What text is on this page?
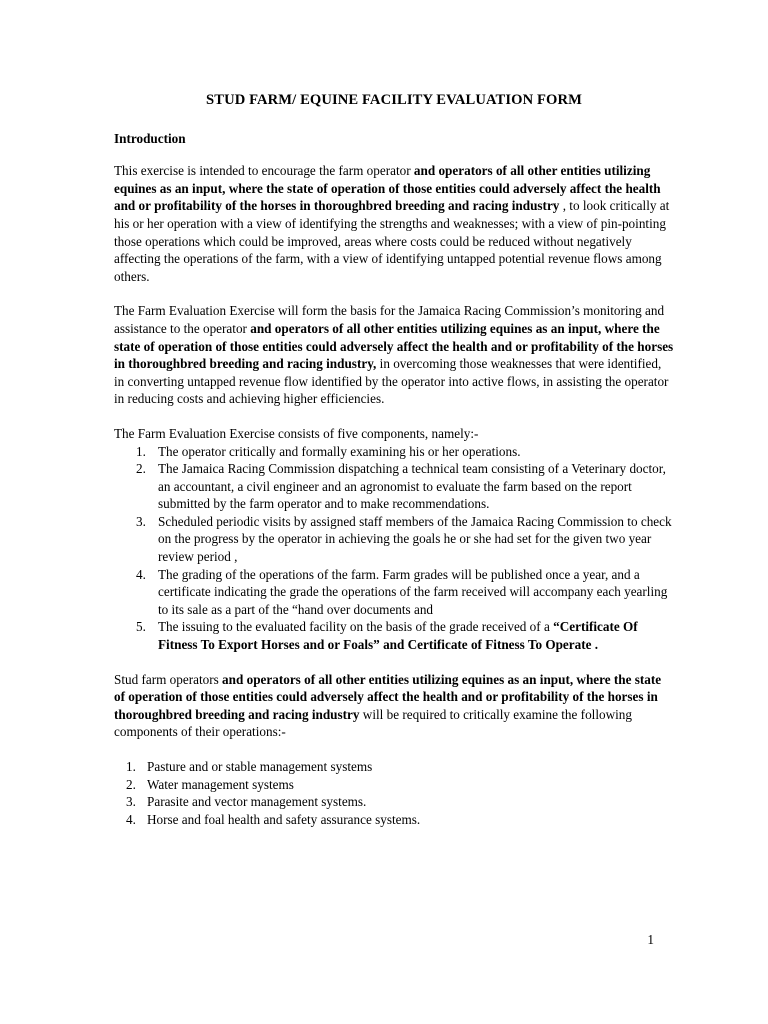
STUD FARM/ EQUINE FACILITY EVALUATION FORM
Introduction

This exercise is intended to encourage the farm operator and operators of all other entities utilizing equines as an input, where the state of operation of those entities could adversely affect the health and or profitability of the horses in thoroughbred breeding and racing industry , to look critically at his or her operation with a view of identifying the strengths and weaknesses; with a view of pin-pointing those operations which could be improved, areas where costs could be reduced without negatively affecting the operations of the farm, with a view of identifying untapped potential revenue flows among others.

The Farm Evaluation Exercise will form the basis for the Jamaica Racing Commission’s monitoring and assistance to the operator and operators of all other entities utilizing equines as an input, where the state of operation of those entities could adversely affect the health and or profitability of the horses in thoroughbred breeding and racing industry, in overcoming those weaknesses that were identified, in converting untapped revenue flow identified by the operator into active flows, in assisting the operator in reducing costs and achieving higher efficiencies.

The Farm Evaluation Exercise consists of five components, namely:-

1. The operator critically and formally examining his or her operations.
2. The Jamaica Racing Commission dispatching a technical team consisting of a Veterinary doctor, an accountant, a civil engineer and an agronomist to evaluate the farm based on the report submitted by the farm operator and to make recommendations.
3. Scheduled periodic visits by assigned staff members of the Jamaica Racing Commission to check on the progress by the operator in achieving the goals he or she had set for the given two year review period ,
4. The grading of the operations of the farm. Farm grades will be published once a year, and a certificate indicating the grade the operations of the farm received will accompany each yearling to its sale as a part of the “hand over documents and
5. The issuing to the evaluated facility on the basis of the grade received of a “Certificate Of Fitness To Export Horses and or Foals” and Certificate of Fitness To Operate .

Stud farm operators and operators of all other entities utilizing equines as an input, where the state of operation of those entities could adversely affect the health and or profitability of the horses in thoroughbred breeding and racing industry will be required to critically examine the following components of their operations:-

1. Pasture and or stable management systems
2. Water management systems
3. Parasite and vector management systems.
4. Horse and foal health and safety assurance systems.
1
